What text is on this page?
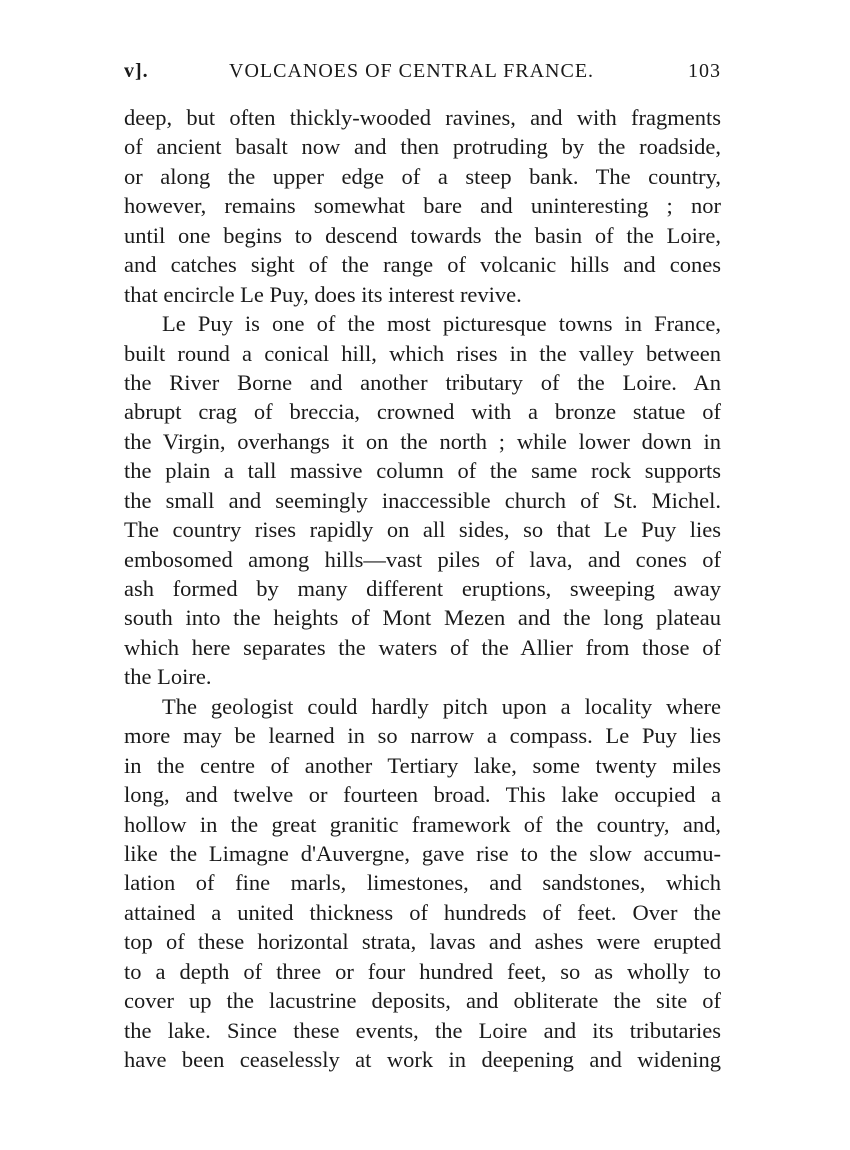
v].	VOLCANOES OF CENTRAL FRANCE.	103
deep, but often thickly-wooded ravines, and with fragments
of ancient basalt now and then protruding by the roadside,
or along the upper edge of a steep bank. The country,
however, remains somewhat bare and uninteresting ; nor
until one begins to descend towards the basin of the Loire,
and catches sight of the range of volcanic hills and cones
that encircle Le Puy, does its interest revive.
Le Puy is one of the most picturesque towns in France,
built round a conical hill, which rises in the valley between
the River Borne and another tributary of the Loire. An
abrupt crag of breccia, crowned with a bronze statue of
the Virgin, overhangs it on the north ; while lower down in
the plain a tall massive column of the same rock supports
the small and seemingly inaccessible church of St. Michel.
The country rises rapidly on all sides, so that Le Puy lies
embosomed among hills—vast piles of lava, and cones of
ash formed by many different eruptions, sweeping away
south into the heights of Mont Mezen and the long plateau
which here separates the waters of the Allier from those of
the Loire.
The geologist could hardly pitch upon a locality where
more may be learned in so narrow a compass. Le Puy lies
in the centre of another Tertiary lake, some twenty miles
long, and twelve or fourteen broad. This lake occupied a
hollow in the great granitic framework of the country, and,
like the Limagne d'Auvergne, gave rise to the slow accumu-
lation of fine marls, limestones, and sandstones, which
attained a united thickness of hundreds of feet. Over the
top of these horizontal strata, lavas and ashes were erupted
to a depth of three or four hundred feet, so as wholly to
cover up the lacustrine deposits, and obliterate the site of
the lake. Since these events, the Loire and its tributaries
have been ceaselessly at work in deepening and widening
